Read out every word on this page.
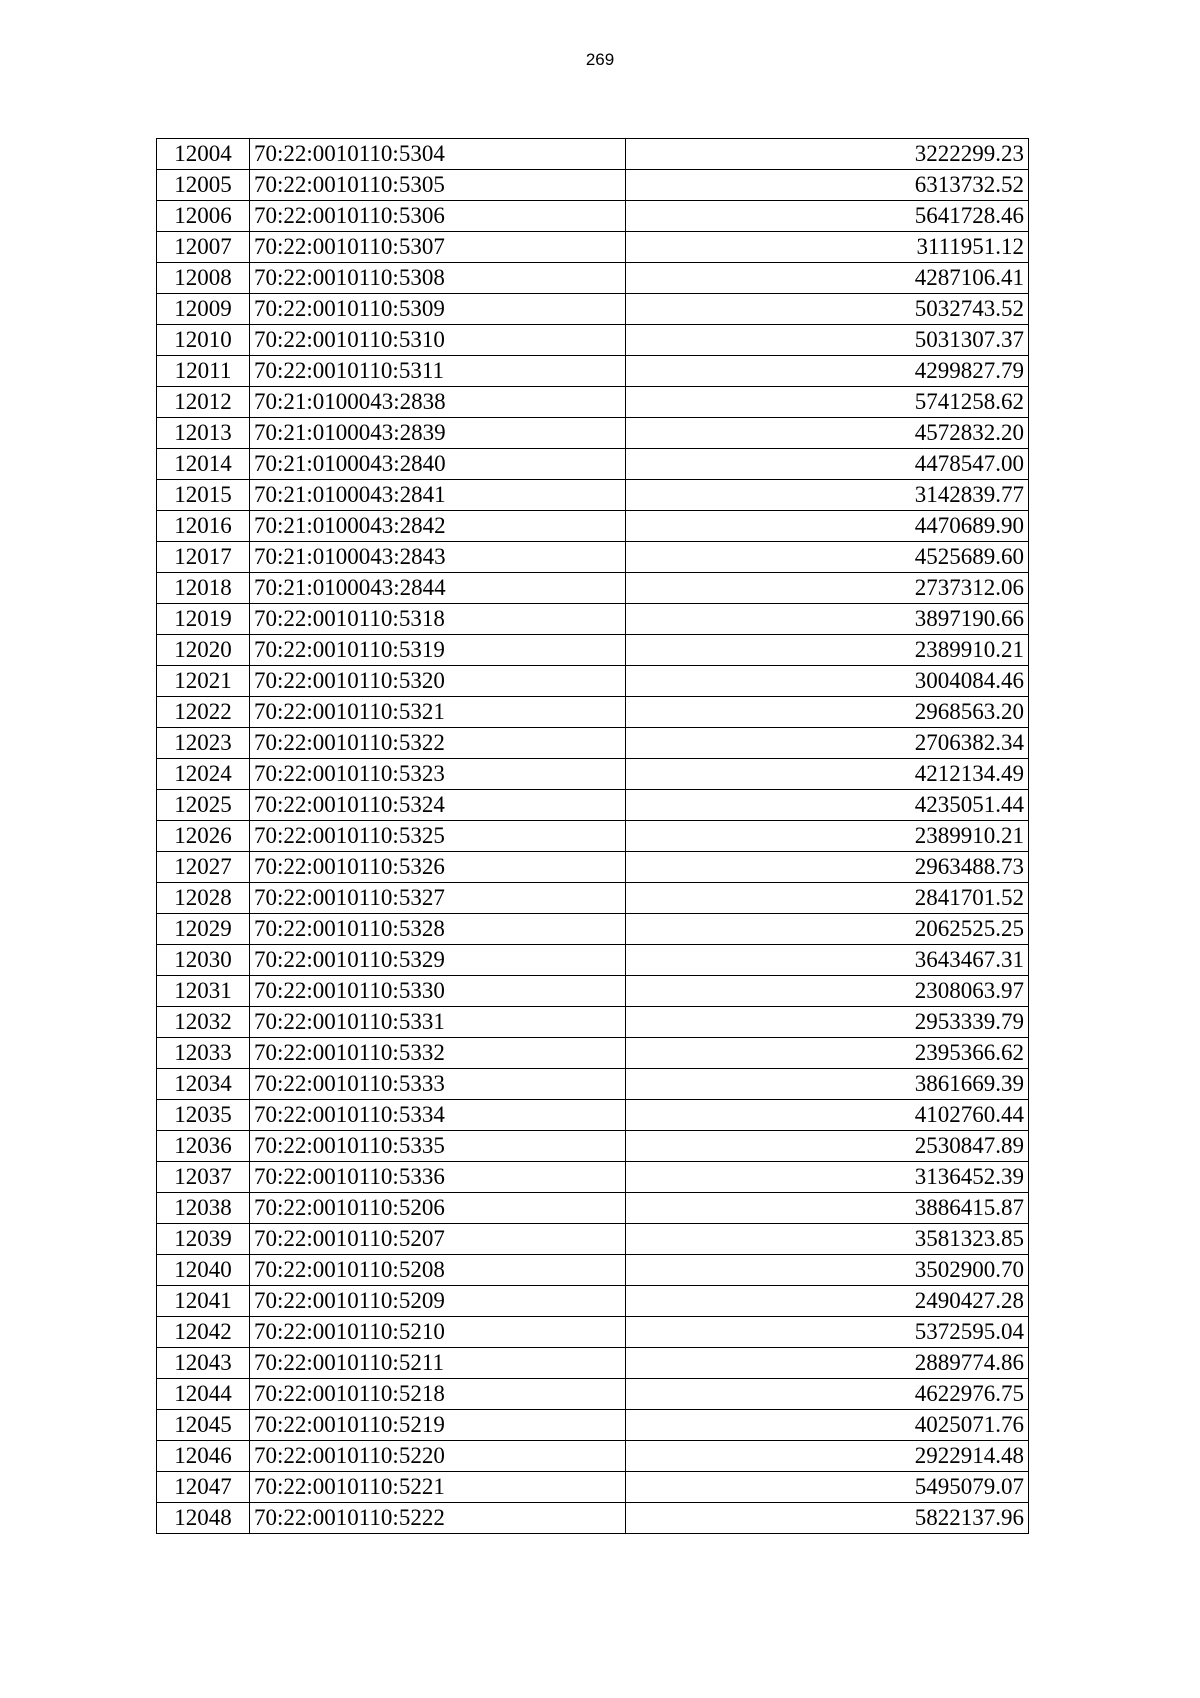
269
12004	70:22:0010110:5304	3222299.23
12005	70:22:0010110:5305	6313732.52
12006	70:22:0010110:5306	5641728.46
12007	70:22:0010110:5307	3111951.12
12008	70:22:0010110:5308	4287106.41
12009	70:22:0010110:5309	5032743.52
12010	70:22:0010110:5310	5031307.37
12011	70:22:0010110:5311	4299827.79
12012	70:21:0100043:2838	5741258.62
12013	70:21:0100043:2839	4572832.20
12014	70:21:0100043:2840	4478547.00
12015	70:21:0100043:2841	3142839.77
12016	70:21:0100043:2842	4470689.90
12017	70:21:0100043:2843	4525689.60
12018	70:21:0100043:2844	2737312.06
12019	70:22:0010110:5318	3897190.66
12020	70:22:0010110:5319	2389910.21
12021	70:22:0010110:5320	3004084.46
12022	70:22:0010110:5321	2968563.20
12023	70:22:0010110:5322	2706382.34
12024	70:22:0010110:5323	4212134.49
12025	70:22:0010110:5324	4235051.44
12026	70:22:0010110:5325	2389910.21
12027	70:22:0010110:5326	2963488.73
12028	70:22:0010110:5327	2841701.52
12029	70:22:0010110:5328	2062525.25
12030	70:22:0010110:5329	3643467.31
12031	70:22:0010110:5330	2308063.97
12032	70:22:0010110:5331	2953339.79
12033	70:22:0010110:5332	2395366.62
12034	70:22:0010110:5333	3861669.39
12035	70:22:0010110:5334	4102760.44
12036	70:22:0010110:5335	2530847.89
12037	70:22:0010110:5336	3136452.39
12038	70:22:0010110:5206	3886415.87
12039	70:22:0010110:5207	3581323.85
12040	70:22:0010110:5208	3502900.70
12041	70:22:0010110:5209	2490427.28
12042	70:22:0010110:5210	5372595.04
12043	70:22:0010110:5211	2889774.86
12044	70:22:0010110:5218	4622976.75
12045	70:22:0010110:5219	4025071.76
12046	70:22:0010110:5220	2922914.48
12047	70:22:0010110:5221	5495079.07
12048	70:22:0010110:5222	5822137.96
